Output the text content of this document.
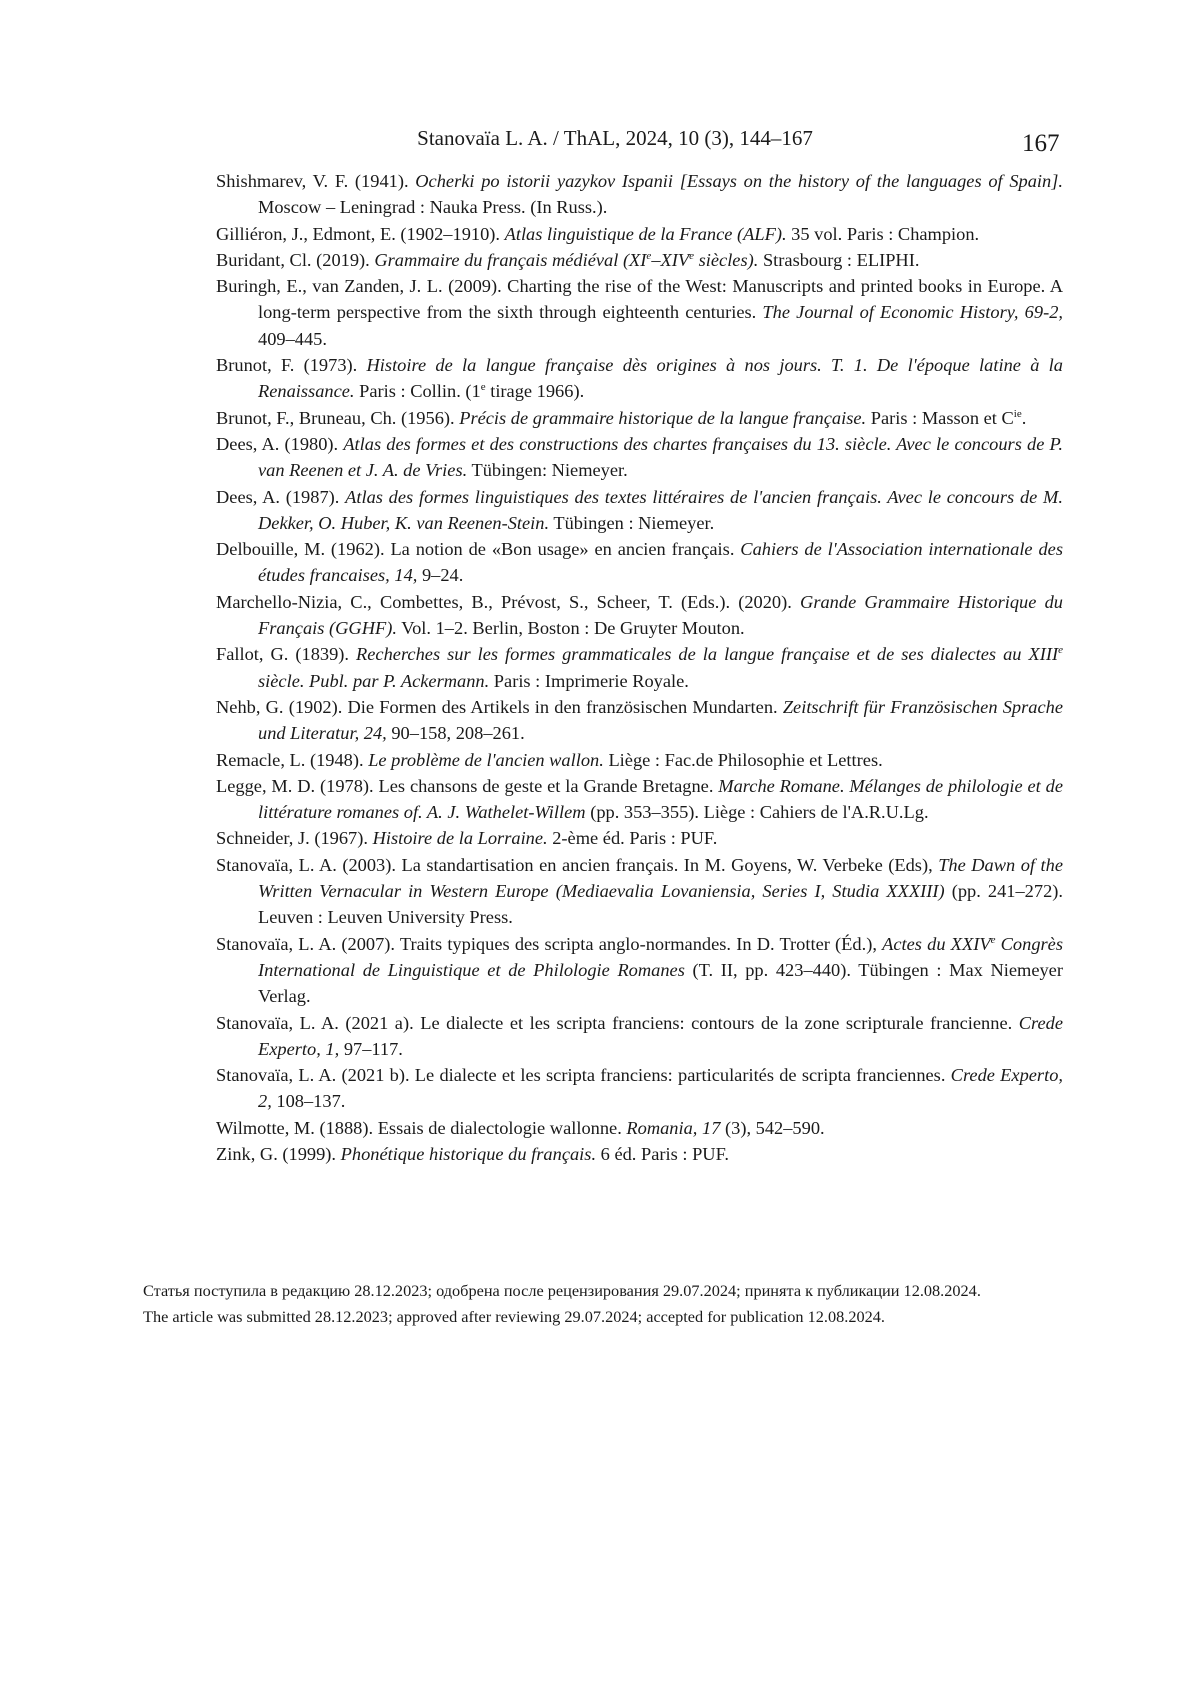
Stanovaïa L. A. / ThAL, 2024, 10 (3), 144–167	167
Shishmarev, V. F. (1941). Ocherki po istorii yazykov Ispanii [Essays on the history of the languages of Spain]. Moscow – Leningrad : Nauka Press. (In Russ.).
Gilliéron, J., Edmont, E. (1902–1910). Atlas linguistique de la France (ALF). 35 vol. Paris : Champion.
Buridant, Cl. (2019). Grammaire du français médiéval (XIe–XIVe siècles). Strasbourg : ELIPHI.
Buringh, E., van Zanden, J. L. (2009). Charting the rise of the West: Manuscripts and printed books in Europe. A long-term perspective from the sixth through eighteenth centuries. The Journal of Economic History, 69-2, 409–445.
Brunot, F. (1973). Histoire de la langue française dès origines à nos jours. T. 1. De l'époque latine à la Renaissance. Paris : Collin. (1e tirage 1966).
Brunot, F., Bruneau, Ch. (1956). Précis de grammaire historique de la langue française. Paris : Masson et $C^{ie}$.
Dees, A. (1980). Atlas des formes et des constructions des chartes françaises du 13. siècle. Avec le concours de P. van Reenen et J. A. de Vries. Tübingen: Niemeyer.
Dees, A. (1987). Atlas des formes linguistiques des textes littéraires de l'ancien français. Avec le concours de M. Dekker, O. Huber, K. van Reenen-Stein. Tübingen : Niemeyer.
Delbouille, M. (1962). La notion de «Bon usage» en ancien français. Cahiers de l'Association internationale des études francaises, 14, 9–24.
Marchello-Nizia, C., Combettes, B., Prévost, S., Scheer, T. (Eds.). (2020). Grande Grammaire Historique du Français (GGHF). Vol. 1–2. Berlin, Boston : De Gruyter Mouton.
Fallot, G. (1839). Recherches sur les formes grammaticales de la langue française et de ses dialectes au XIIIe siècle. Publ. par P. Ackermann. Paris : Imprimerie Royale.
Nehb, G. (1902). Die Formen des Artikels in den französischen Mundarten. Zeitschrift für Französischen Sprache und Literatur, 24, 90–158, 208–261.
Remacle, L. (1948). Le problème de l'ancien wallon. Liège : Fac.de Philosophie et Lettres.
Legge, M. D. (1978). Les chansons de geste et la Grande Bretagne. Marche Romane. Mélanges de philologie et de littérature romanes of. A. J. Wathelet-Willem (pp. 353–355). Liège : Cahiers de l'A.R.U.Lg.
Schneider, J. (1967). Histoire de la Lorraine. 2-ème éd. Paris : PUF.
Stanovaïa, L. A. (2003). La standartisation en ancien français. In M. Goyens, W. Verbeke (Eds), The Dawn of the Written Vernacular in Western Europe (Mediaevalia Lovaniensia, Series I, Studia XXXIII) (pp. 241–272). Leuven : Leuven University Press.
Stanovaïa, L. A. (2007). Traits typiques des scripta anglo-normandes. In D. Trotter (Éd.), Actes du XXIVe Congrès International de Linguistique et de Philologie Romanes (T. II, pp. 423–440). Tübingen : Max Niemeyer Verlag.
Stanovaïa, L. A. (2021 a). Le dialecte et les scripta franciens: contours de la zone scripturale francienne. Crede Experto, 1, 97–117.
Stanovaïa, L. A. (2021 b). Le dialecte et les scripta franciens: particularités de scripta franciennes. Crede Experto, 2, 108–137.
Wilmotte, M. (1888). Essais de dialectologie wallonne. Romania, 17 (3), 542–590.
Zink, G. (1999). Phonétique historique du français. 6 éd. Paris : PUF.

Статья поступила в редакцию 28.12.2023; одобрена после рецензирования 29.07.2024; принята к публикации 12.08.2024.

The article was submitted 28.12.2023; approved after reviewing 29.07.2024; accepted for publication 12.08.2024.
